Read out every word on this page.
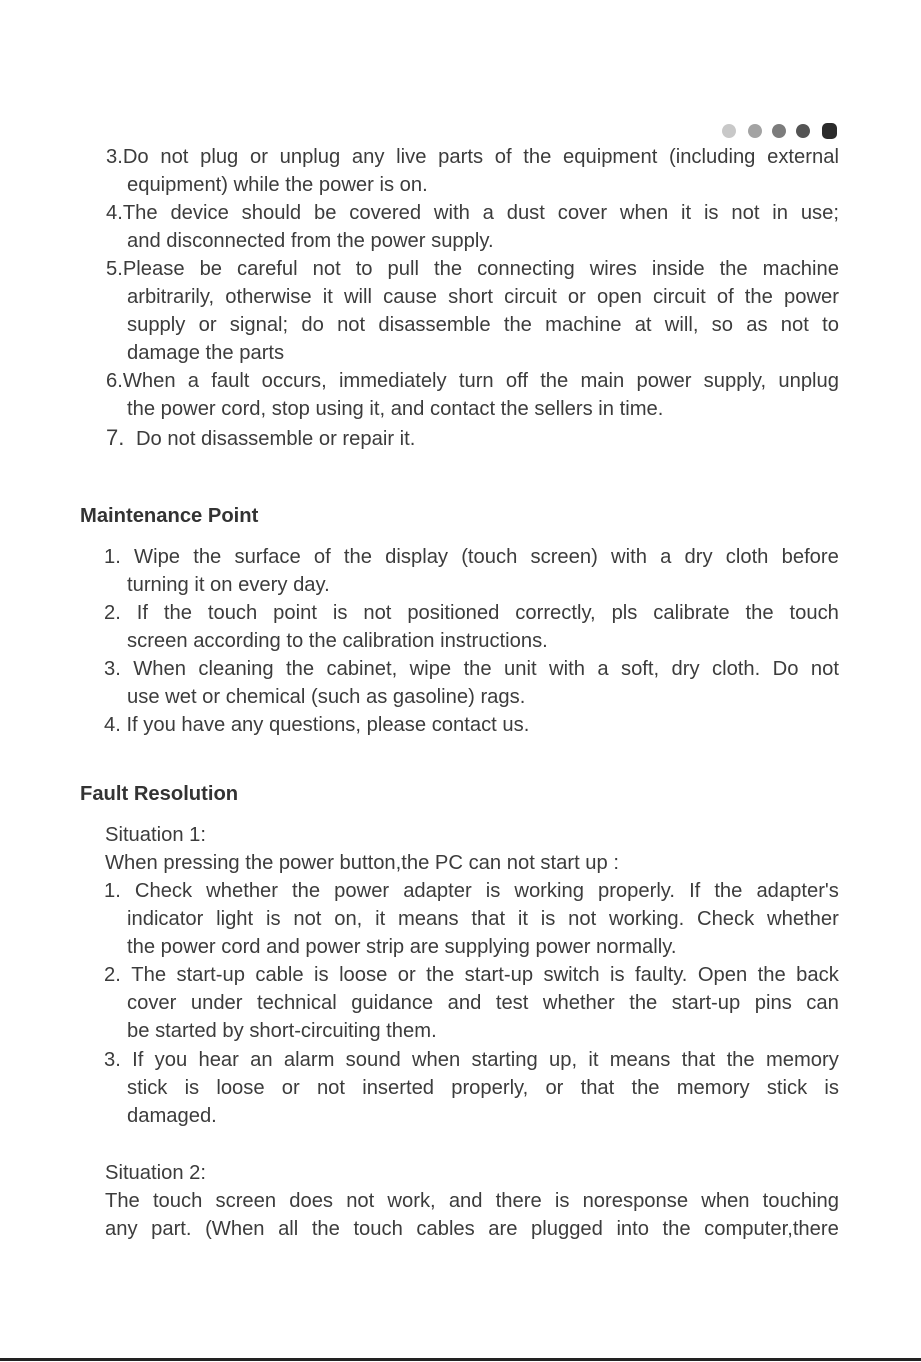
3.Do not plug or unplug any live parts of the equipment (including external
equipment) while the power is on.
4.The device should be covered with a dust cover when it is not in use;
and disconnected from the power supply.
5.Please be careful not to pull the connecting wires inside the machine
arbitrarily, otherwise it will cause short circuit or open circuit of the power
supply or signal; do not disassemble the machine at will, so as not to
damage the parts
6.When a fault occurs, immediately turn off the main power supply, unplug
the power cord, stop using it, and contact the sellers in time.
7. Do not disassemble or repair it.
Maintenance Point
1. Wipe the surface of the display (touch screen) with a dry cloth before
turning it on every day.
2. If the touch point is not positioned correctly, pls calibrate the touch
screen according to the calibration instructions.
3. When cleaning the cabinet, wipe the unit with a soft, dry cloth. Do not
use wet or chemical (such as gasoline) rags.
4. If you have any questions, please contact us.
Fault Resolution
Situation 1:
When pressing the power button,the PC can not start up :
1. Check whether the power adapter is working properly. If the adapter's
indicator light is not on, it means that it is not working. Check whether
the power cord and power strip are supplying power normally.
2. The start-up cable is loose or the start-up switch is faulty. Open the back
cover under technical guidance and test whether the start-up pins can
be started by short-circuiting them.
3. If you hear an alarm sound when starting up, it means that the memory
stick is loose or not inserted properly, or that the memory stick is
damaged.
Situation 2:
The touch screen does not work, and there is noresponse when touching
any part. (When all the touch cables are plugged into the computer,there
